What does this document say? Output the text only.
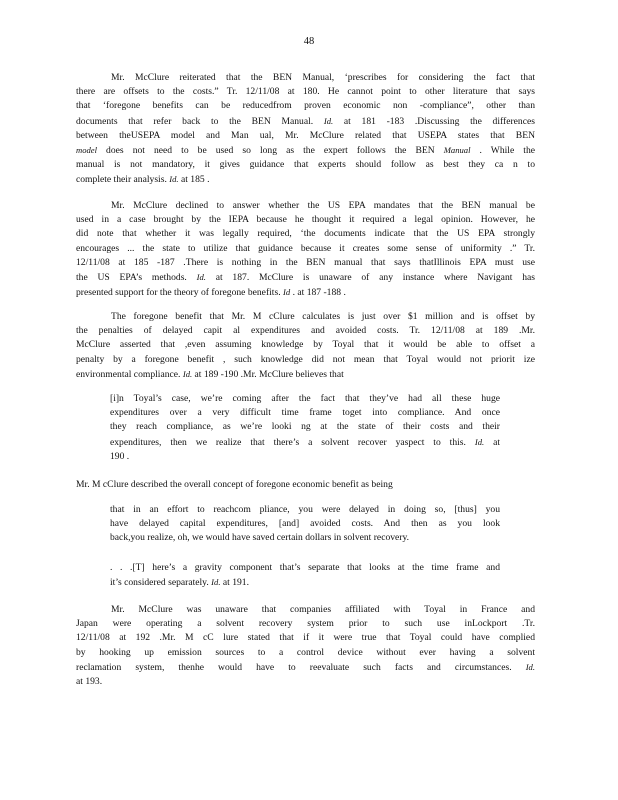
48
Mr. McClure reiterated that the BEN Manual, ‘prescribes for considering the fact that
there are offsets to the costs.” Tr. 12/11/08 at 180. He cannot point to other literature that says
that ‘foregone benefits can be reducedfrom proven economic non -compliance”, other than
documents that refer back to the BEN Manual. Id. at 181 -183 .Discussing the differences
between theUSEPA model and Man ual, Mr. McClure related that USEPA states that BEN
model does not need to be used so long as the expert follows the BEN Manual . While the
manual is not mandatory, it gives guidance that experts should follow as best they ca n to
complete their analysis. Id. at 185 .
Mr. McClure declined to answer whether the US EPA mandates that the BEN manual be
used in a case brought by the IEPA because he thought it required a legal opinion. However, he
did note that whether it was legally required, ‘the documents indicate that the US EPA strongly
encourages ... the state to utilize that guidance because it creates some sense of uniformity .” Tr.
12/11/08 at 185 -187 .There is nothing in the BEN manual that says thatIllinois EPA must use
the US EPA’s methods. Id. at 187. McClure is unaware of any instance where Navigant has
presented support for the theory of foregone benefits. Id . at 187 -188 .
The foregone benefit that Mr. M cClure calculates is just over $1 million and is offset by
the penalties of delayed capit al expenditures and avoided costs. Tr. 12/11/08 at 189 .Mr.
McClure asserted that ,even assuming knowledge by Toyal that it would be able to offset a
penalty by a foregone benefit , such knowledge did not mean that Toyal would not priorit ize
environmental compliance. Id. at 189 -190 .Mr. McClure believes that
[i]n Toyal’s case, we’re coming after the fact that they’ve had all these huge
expenditures over a very difficult time frame toget into compliance. And once
they reach compliance, as we’re looki ng at the state of their costs and their
expenditures, then we realize that there’s a solvent recover yaspect to this. Id. at
190 .
Mr. M cClure described the overall concept of foregone economic benefit as being
that in an effort to reachcom pliance, you were delayed in doing so, [thus] you
have delayed capital expenditures, [and] avoided costs. And then as you look
back,you realize, oh, we would have saved certain dollars in solvent recovery.
. . .[T] here’s a gravity component that’s separate that looks at the time frame and
it’s considered separately. Id. at 191.
Mr. McClure was unaware that companies affiliated with Toyal in France and
Japan were operating a solvent recovery system prior to such use inLockport .Tr.
12/11/08 at 192 .Mr. M cC lure stated that if it were true that Toyal could have complied
by hooking up emission sources to a control device without ever having a solvent
reclamation system, thenhe would have to reevaluate such facts and circumstances. Id.
at 193.
